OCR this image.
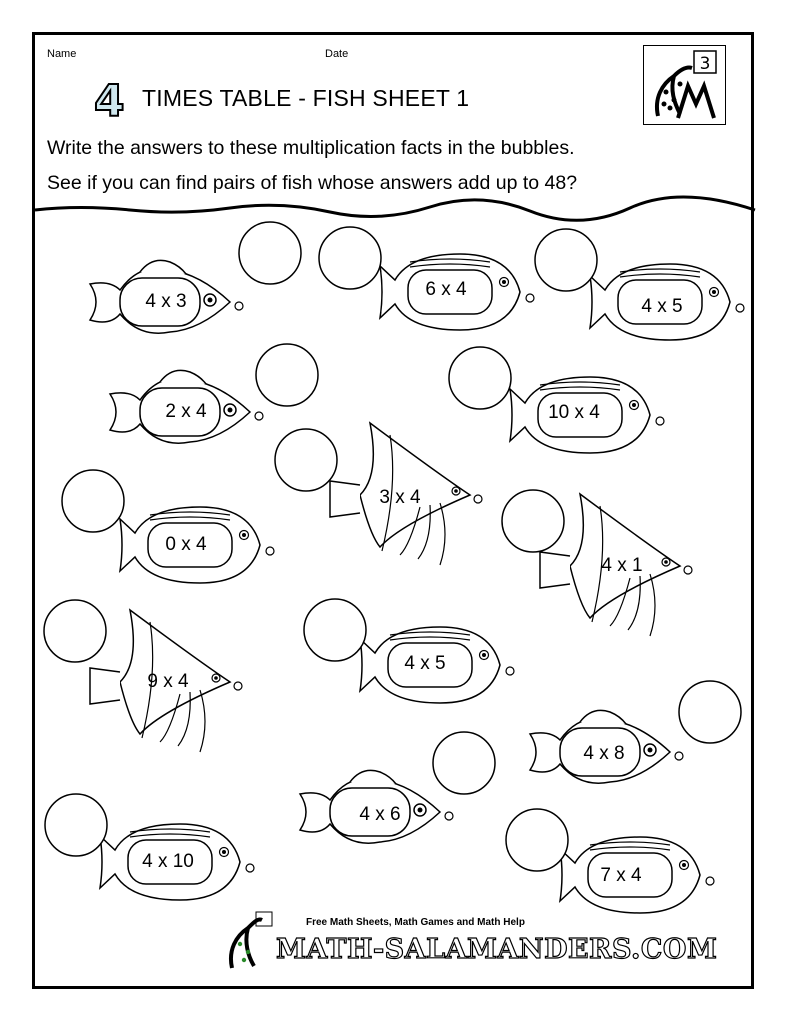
Name	Date
4 TIMES TABLE - FISH SHEET 1
3
Write the answers to these multiplication facts in the bubbles.
See if you can find pairs of fish whose answers add up to 48?
4 x 3
6 x 4
4 x 5
2 x 4	10 x 4
3 x 4
0 x 4
4 x 1
9 x 4
4 x 5
4 x 8
4 x 6
4 x 10
7 x 4
Free Math Sheets, Math Games and Math Help
MATH-SALAMANDERS.COM
